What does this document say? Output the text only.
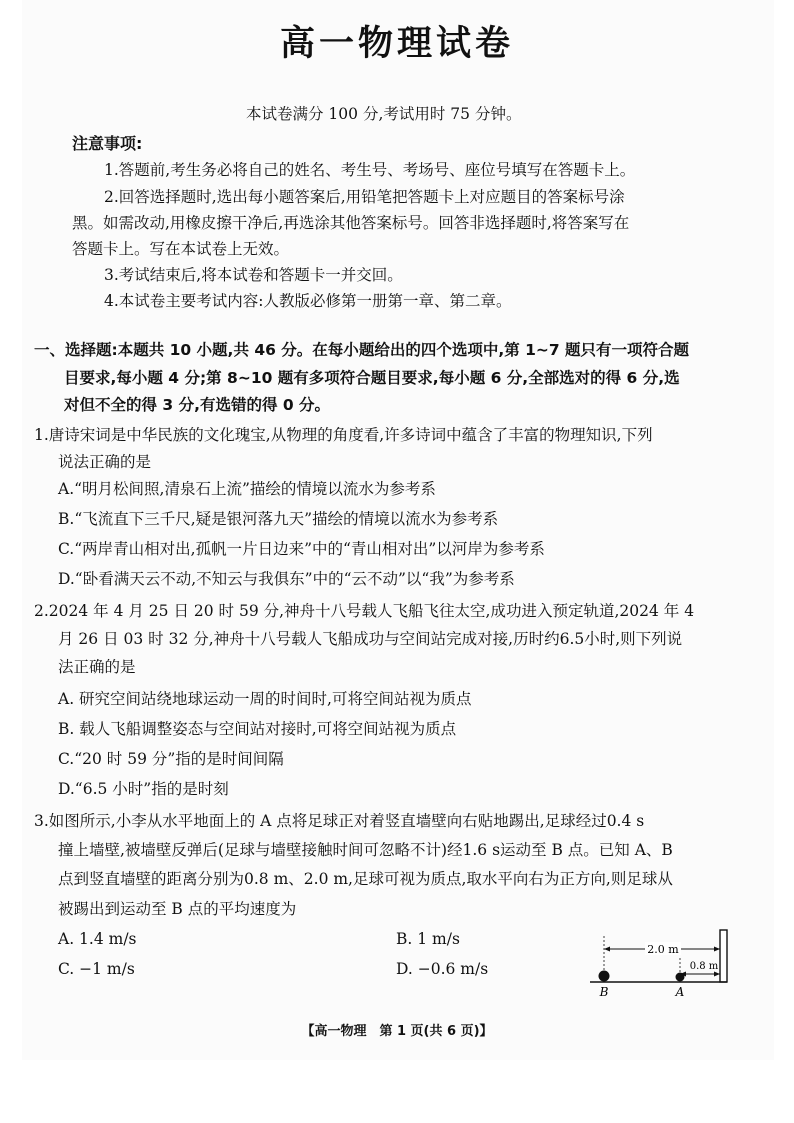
高一物理试卷
本试卷满分 100 分,考试用时 75 分钟。
注意事项:
1.答题前,考生务必将自己的姓名、考生号、考场号、座位号填写在答题卡上。
2.回答选择题时,选出每小题答案后,用铅笔把答题卡上对应题目的答案标号涂
黑。如需改动,用橡皮擦干净后,再选涂其他答案标号。回答非选择题时,将答案写在
答题卡上。写在本试卷上无效。
3.考试结束后,将本试卷和答题卡一并交回。
4.本试卷主要考试内容:人教版必修第一册第一章、第二章。
一、选择题:本题共 10 小题,共 46 分。在每小题给出的四个选项中,第 1~7 题只有一项符合题
目要求,每小题 4 分;第 8~10 题有多项符合题目要求,每小题 6 分,全部选对的得 6 分,选
对但不全的得 3 分,有选错的得 0 分。
1.唐诗宋词是中华民族的文化瑰宝,从物理的角度看,许多诗词中蕴含了丰富的物理知识,下列
说法正确的是
A.“明月松间照,清泉石上流”描绘的情境以流水为参考系
B.“飞流直下三千尺,疑是银河落九天”描绘的情境以流水为参考系
C.“两岸青山相对出,孤帆一片日边来”中的“青山相对出”以河岸为参考系
D.“卧看满天云不动,不知云与我俱东”中的“云不动”以“我”为参考系
2.2024 年 4 月 25 日 20 时 59 分,神舟十八号载人飞船飞往太空,成功进入预定轨道,2024 年 4
月 26 日 03 时 32 分,神舟十八号载人飞船成功与空间站完成对接,历时约6.5小时,则下列说
法正确的是
A. 研究空间站绕地球运动一周的时间时,可将空间站视为质点
B. 载人飞船调整姿态与空间站对接时,可将空间站视为质点
C.“20 时 59 分”指的是时间间隔
D.“6.5 小时”指的是时刻
3.如图所示,小李从水平地面上的 A 点将足球正对着竖直墙壁向右贴地踢出,足球经过0.4 s
撞上墙壁,被墙壁反弹后(足球与墙壁接触时间可忽略不计)经1.6 s运动至 B 点。已知 A、B
点到竖直墙壁的距离分别为0.8 m、2.0 m,足球可视为质点,取水平向右为正方向,则足球从
被踢出到运动至 B 点的平均速度为
A. 1.4 m/s	B. 1 m/s
C. −1 m/s	D. −0.6 m/s
2.0 m
0.8 m
B	A
【高一物理　第 1 页(共 6 页)】
